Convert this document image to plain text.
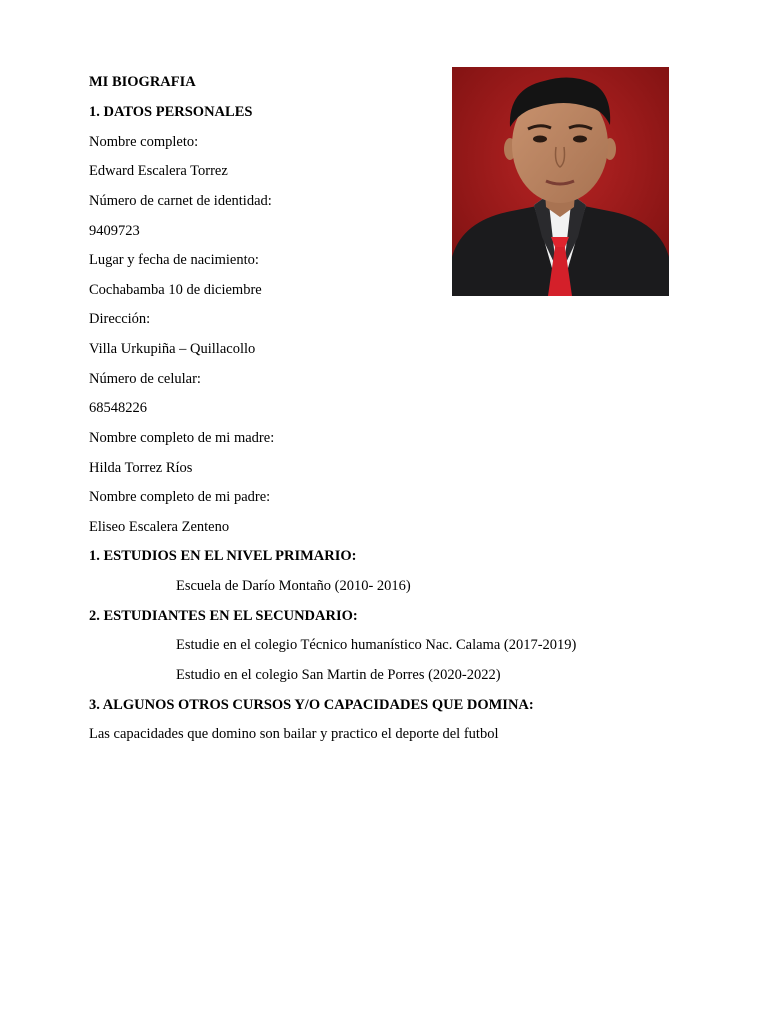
MI BIOGRAFIA
1. DATOS PERSONALES
Nombre completo:
Edward Escalera Torrez
Número de carnet de identidad:
9409723
Lugar y fecha de nacimiento:
Cochabamba 10 de diciembre
Dirección:
Villa Urkupiña – Quillacollo
Número de celular:
68548226
Nombre completo de mi madre:
Hilda Torrez Ríos
Nombre completo de mi padre:
Eliseo Escalera Zenteno
1. ESTUDIOS EN EL NIVEL PRIMARIO:
Escuela de Darío Montaño (2010- 2016)
2. ESTUDIANTES EN EL SECUNDARIO:
Estudie en el colegio Técnico humanístico Nac. Calama (2017-2019)
Estudio en el colegio San Martin de Porres (2020-2022)
3. ALGUNOS OTROS CURSOS Y/O CAPACIDADES QUE DOMINA:
Las capacidades que domino son bailar y practico el deporte del futbol
